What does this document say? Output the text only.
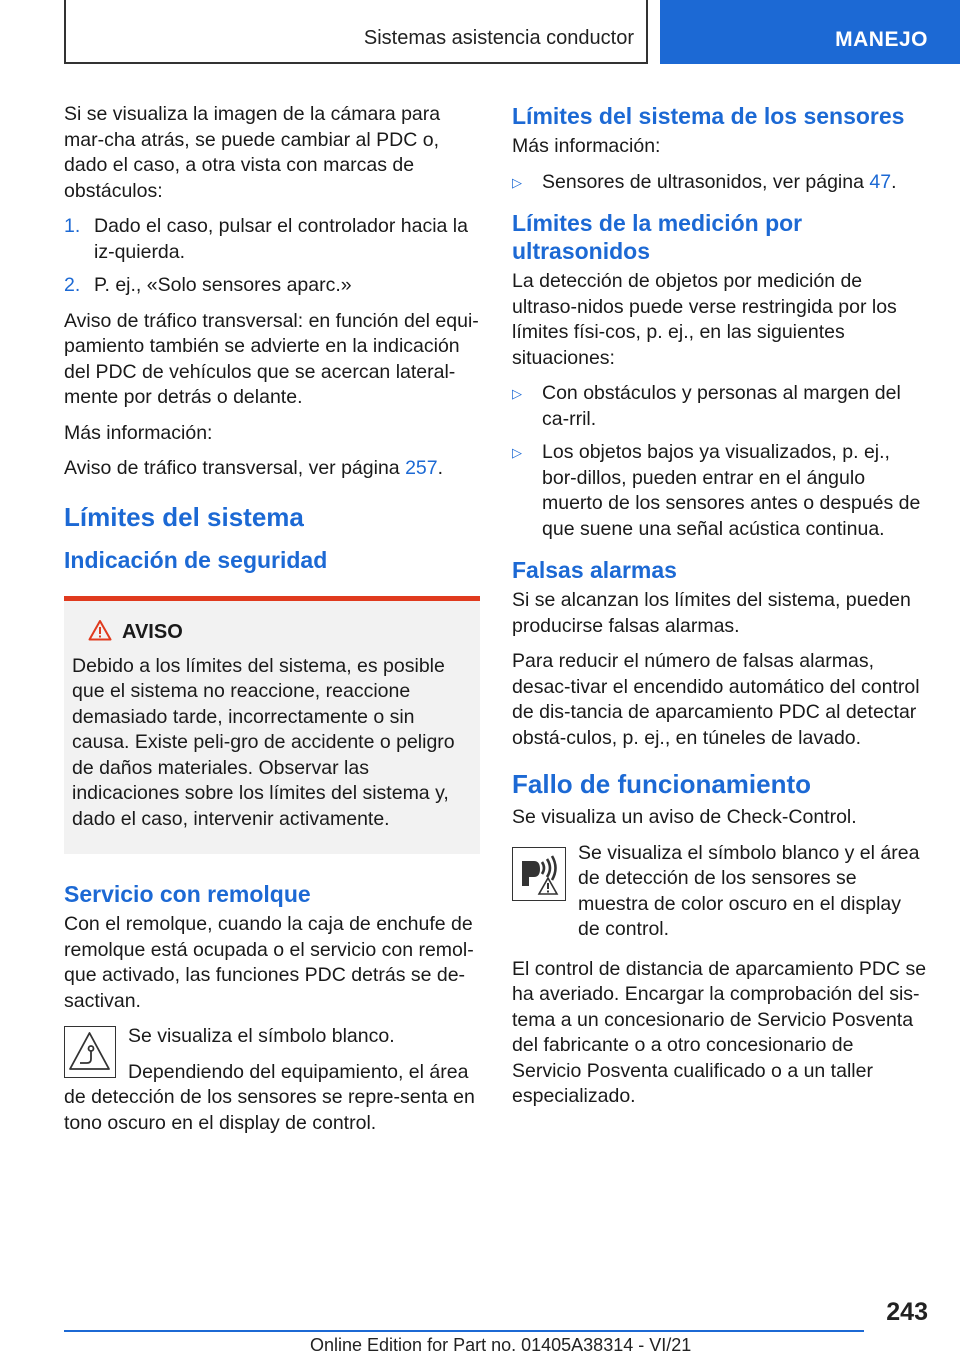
Sistemas asistencia conductor	MANEJO

Si se visualiza la imagen de la cámara para mar-cha atrás, se puede cambiar al PDC o, dado el caso, a otra vista con marcas de obstáculos:

1. Dado el caso, pulsar el controlador hacia la iz-quierda.
2. P. ej., «Solo sensores aparc.»

Aviso de tráfico transversal: en función del equi-pamiento también se advierte en la indicación del PDC de vehículos que se acercan lateral-mente por detrás o delante.

Más información:

Aviso de tráfico transversal, ver página 257.

Límites del sistema
Indicación de seguridad
AVISO

Debido a los límites del sistema, es posible que el sistema no reaccione, reaccione demasiado tarde, incorrectamente o sin causa. Existe peli-gro de accidente o peligro de daños materiales. Observar las indicaciones sobre los límites del sistema y, dado el caso, intervenir activamente.

Servicio con remolque

Con el remolque, cuando la caja de enchufe de remolque está ocupada o el servicio con remol-que activado, las funciones PDC detrás se de-sactivan.

Se visualiza el símbolo blanco.

Dependiendo del equipamiento, el área de detección de los sensores se repre-senta en tono oscuro en el display de control.

Límites del sistema de los sensores

Más información:

▷ Sensores de ultrasonidos, ver página 47.
Límites de la medición por ultrasonidos

La detección de objetos por medición de ultraso-nidos puede verse restringida por los límites físi-cos, p. ej., en las siguientes situaciones:

▷ Con obstáculos y personas al margen del ca-rril.
▷ Los objetos bajos ya visualizados, p. ej., bor-dillos, pueden entrar en el ángulo muerto de los sensores antes o después de que suene una señal acústica continua.
Falsas alarmas

Si se alcanzan los límites del sistema, pueden producirse falsas alarmas.

Para reducir el número de falsas alarmas, desac-tivar el encendido automático del control de dis-tancia de aparcamiento PDC al detectar obstá-culos, p. ej., en túneles de lavado.

Fallo de funcionamiento

Se visualiza un aviso de Check-Control.

Se visualiza el símbolo blanco y el área de detección de los sensores se muestra de color oscuro en el display de control.

El control de distancia de aparcamiento PDC se ha averiado. Encargar la comprobación del sis-tema a un concesionario de Servicio Posventa del fabricante o a otro concesionario de Servicio Posventa cualificado o a un taller especializado.

243
Online Edition for Part no. 01405A38314 - VI/21
